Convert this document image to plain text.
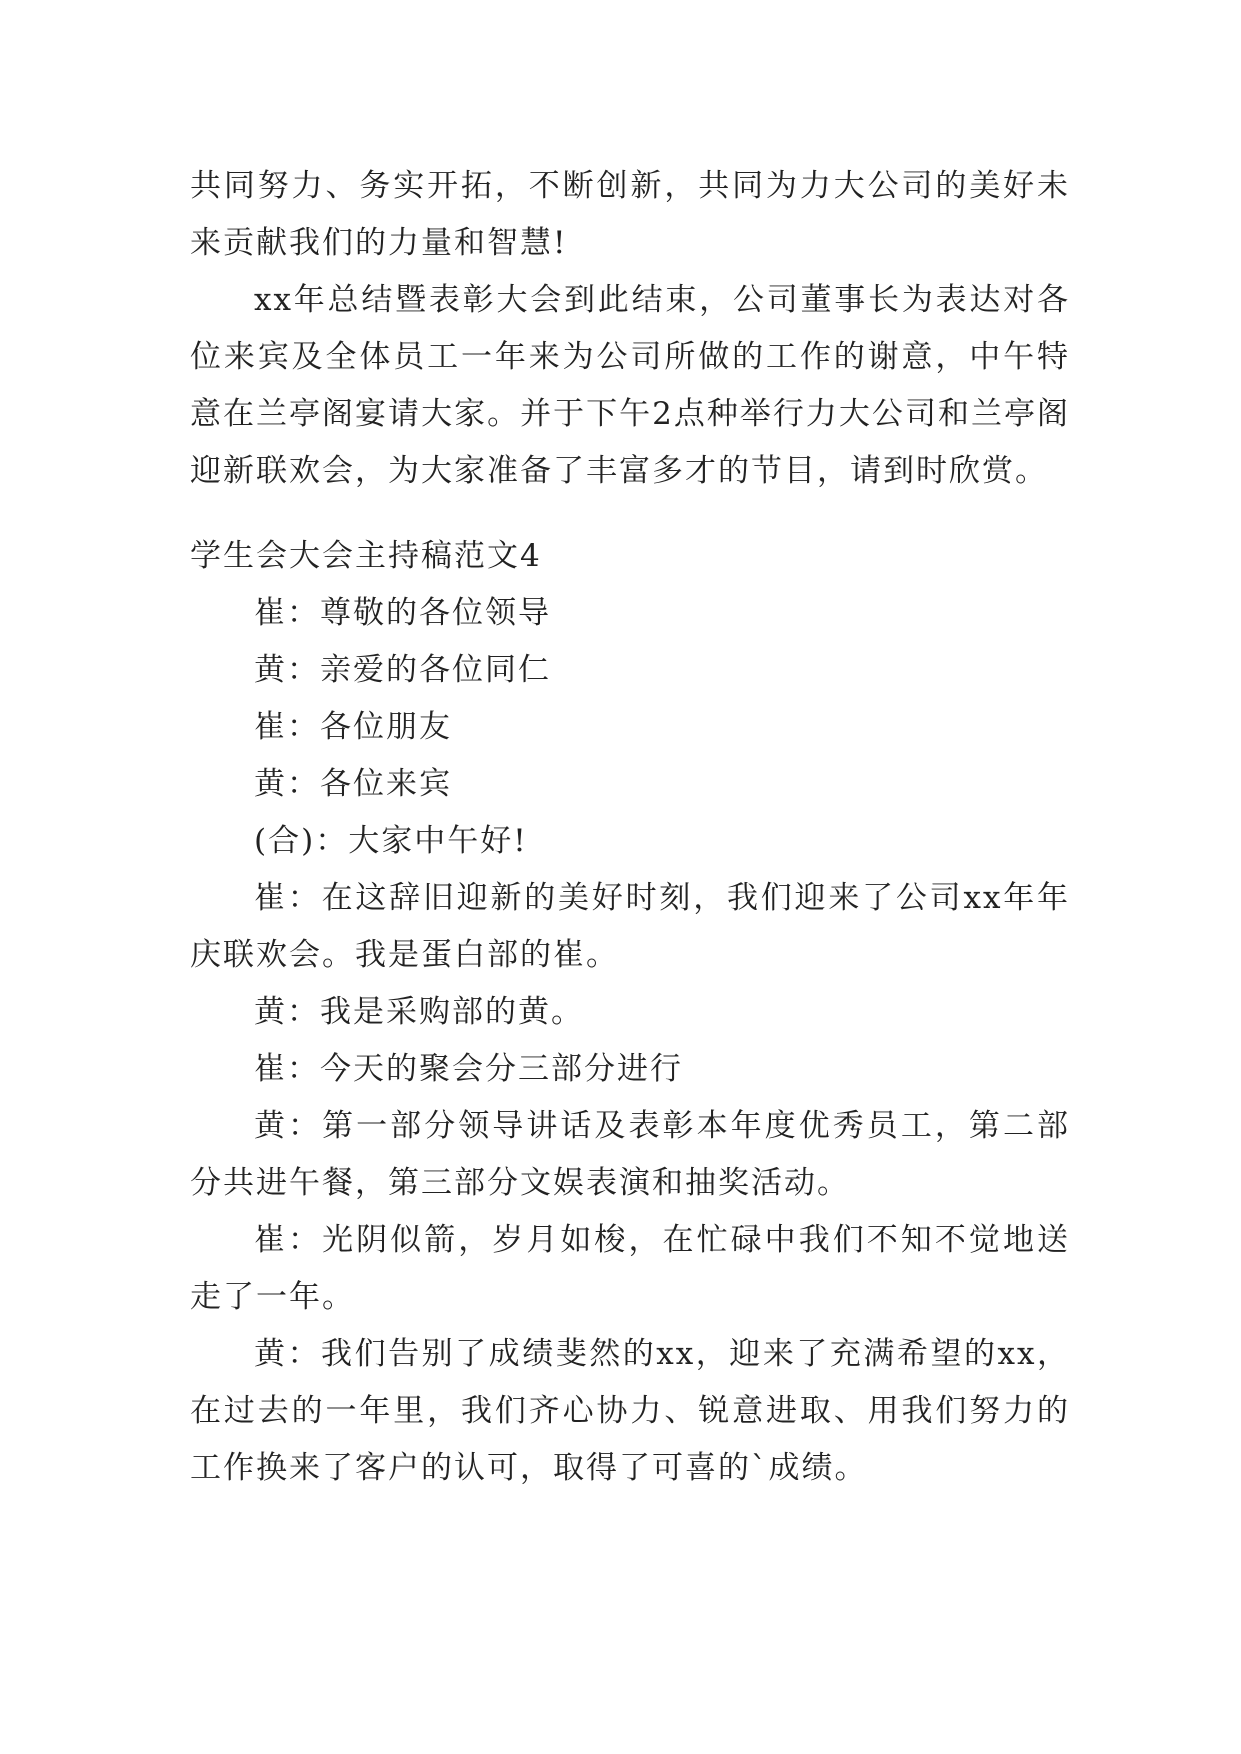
共同努力、务实开拓，不断创新，共同为力大公司的美好未来贡献我们的力量和智慧!

xx年总结暨表彰大会到此结束，公司董事长为表达对各位来宾及全体员工一年来为公司所做的工作的谢意，中午特意在兰亭阁宴请大家。并于下午2点种举行力大公司和兰亭阁迎新联欢会，为大家准备了丰富多才的节目，请到时欣赏。

学生会大会主持稿范文4

崔：尊敬的各位领导

黄：亲爱的各位同仁

崔：各位朋友

黄：各位来宾

(合)：大家中午好!

崔：在这辞旧迎新的美好时刻，我们迎来了公司xx年年庆联欢会。我是蛋白部的崔。

黄：我是采购部的黄。

崔：今天的聚会分三部分进行

黄：第一部分领导讲话及表彰本年度优秀员工，第二部分共进午餐，第三部分文娱表演和抽奖活动。

崔：光阴似箭，岁月如梭，在忙碌中我们不知不觉地送走了一年。

黄：我们告别了成绩斐然的xx，迎来了充满希望的xx，在过去的一年里，我们齐心协力、锐意进取、用我们努力的工作换来了客户的认可，取得了可喜的`成绩。
